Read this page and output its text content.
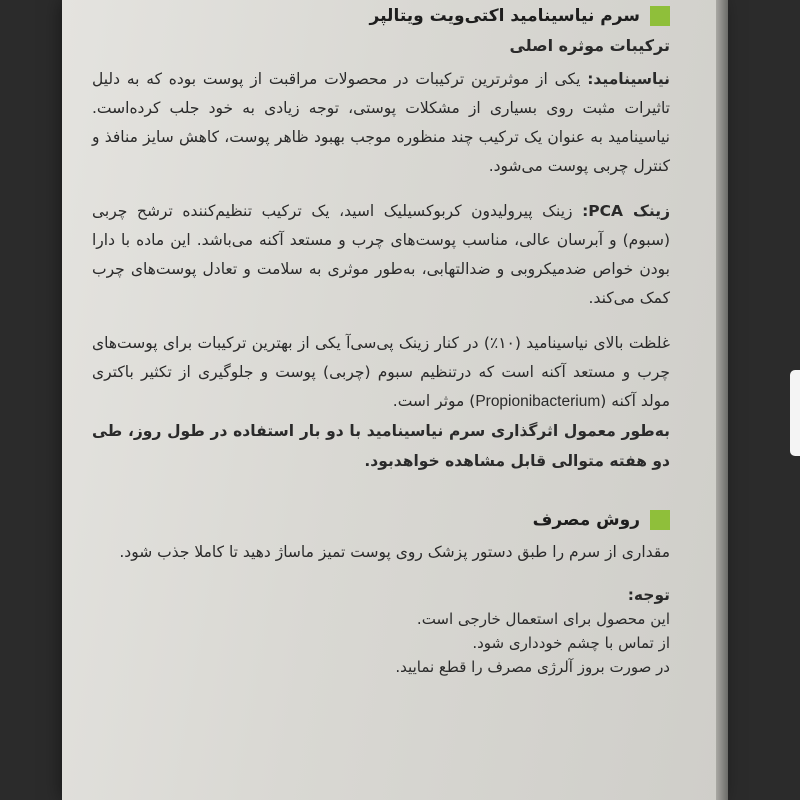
سرم نیاسینامید اکتی‌ویت ویتالپر
ترکیبات موثره اصلی

نیاسینامید: یکی از موثرترین ترکیبات در محصولات مراقبت از پوست بوده که به دلیل تاثیرات مثبت روی بسیاری از مشکلات پوستی، توجه زیادی به خود جلب کرده‌است. نیاسینامید به عنوان یک ترکیب چند منظوره موجب بهبود ظاهر پوست، کاهش سایز منافذ و کنترل چربی پوست می‌شود.

زینک PCA: زینک پیرولیدون کربوکسیلیک اسید، یک ترکیب تنظیم‌کننده ترشح چربی (سبوم) و آبرسان عالی، مناسب پوست‌های چرب و مستعد آکنه می‌باشد. این ماده با دارا بودن خواص ضدمیکروبی و ضدالتهابی، به‌طور موثری به سلامت و تعادل پوست‌های چرب کمک می‌کند.

غلظت بالای نیاسینامید (۱۰٪) در کنار زینک پی‌سی‌آ یکی از بهترین ترکیبات برای پوست‌های چرب و مستعد آکنه است که درتنظیم سبوم (چربی) پوست و جلوگیری از تکثیر باکتری مولد آکنه (Propionibacterium) موثر است.

به‌طور معمول اثرگذاری سرم نیاسینامید با دو بار استفاده در طول روز، طی دو هفته متوالی قابل مشاهده خواهدبود.

روش مصرف

مقداری از سرم را طبق دستور پزشک روی پوست تمیز ماساژ دهید تا کاملا جذب شود.

توجه:

این محصول برای استعمال خارجی است.

از تماس با چشم خودداری شود.

در صورت بروز آلرژی مصرف را قطع نمایید.
